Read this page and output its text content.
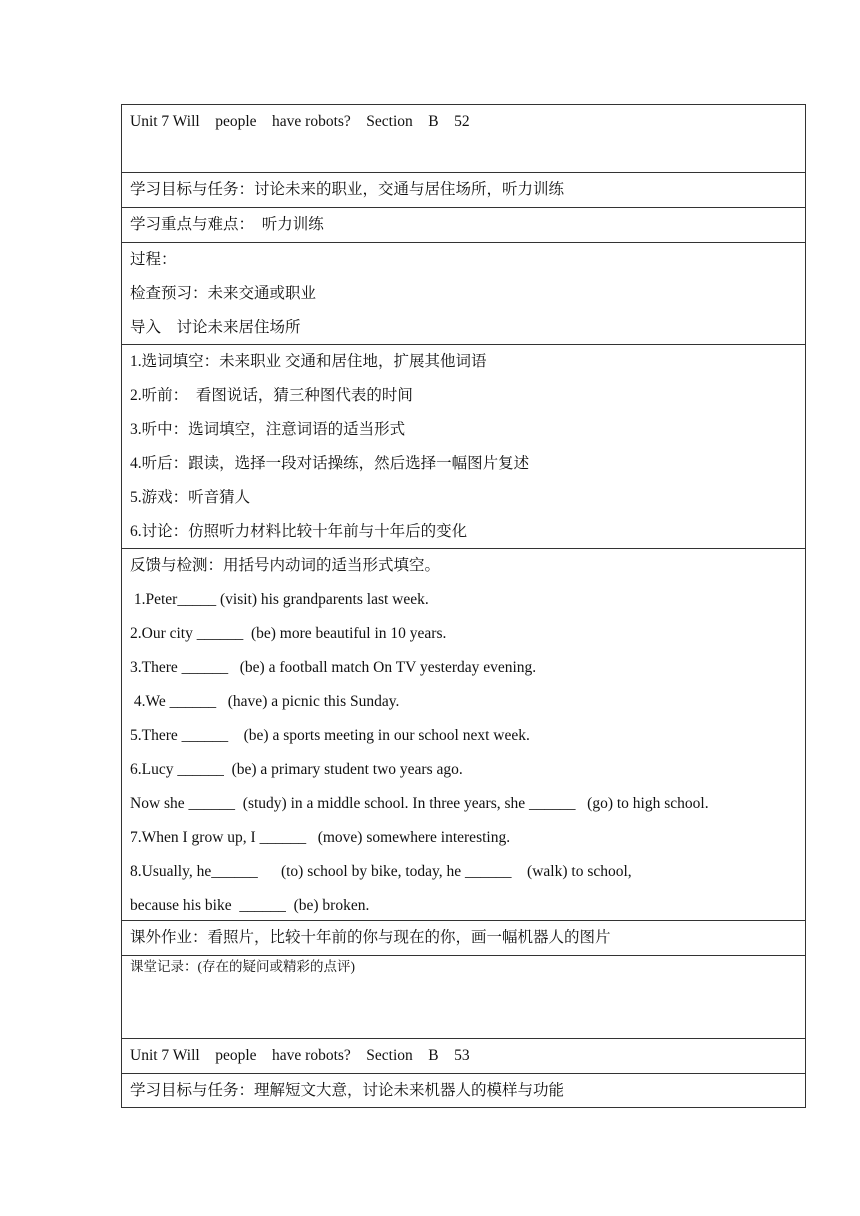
Unit 7 Will    people    have robots?    Section    B    52
学习目标与任务：讨论未来的职业，交通与居住场所，听力训练
学习重点与难点：  听力训练
过程：
检查预习：未来交通或职业
导入    讨论未来居住场所
1.选词填空：未来职业 交通和居住地，扩展其他词语
2.听前：  看图说话，猜三种图代表的时间
3.听中：选词填空，注意词语的适当形式
4.听后：跟读，选择一段对话操练，然后选择一幅图片复述
5.游戏：听音猜人
6.讨论：仿照听力材料比较十年前与十年后的变化
反馈与检测：用括号内动词的适当形式填空。
1.Peter_____ (visit) his grandparents last week.
2.Our city ______  (be) more beautiful in 10 years.
3.There ______   (be) a football match On TV yesterday evening.
4.We ______   (have) a picnic this Sunday.
5.There ______    (be) a sports meeting in our school next week.
6.Lucy ______  (be) a primary student two years ago.
Now she ______  (study) in a middle school. In three years, she ______   (go) to high school.
7.When I grow up, I ______   (move) somewhere interesting.
8.Usually, he______      (to) school by bike, today, he ______    (walk) to school,
because his bike  ______  (be) broken.
课外作业：看照片，比较十年前的你与现在的你，画一幅机器人的图片
课堂记录：(存在的疑问或精彩的点评)
Unit 7 Will    people    have robots?    Section    B    53
学习目标与任务：理解短文大意，讨论未来机器人的模样与功能
